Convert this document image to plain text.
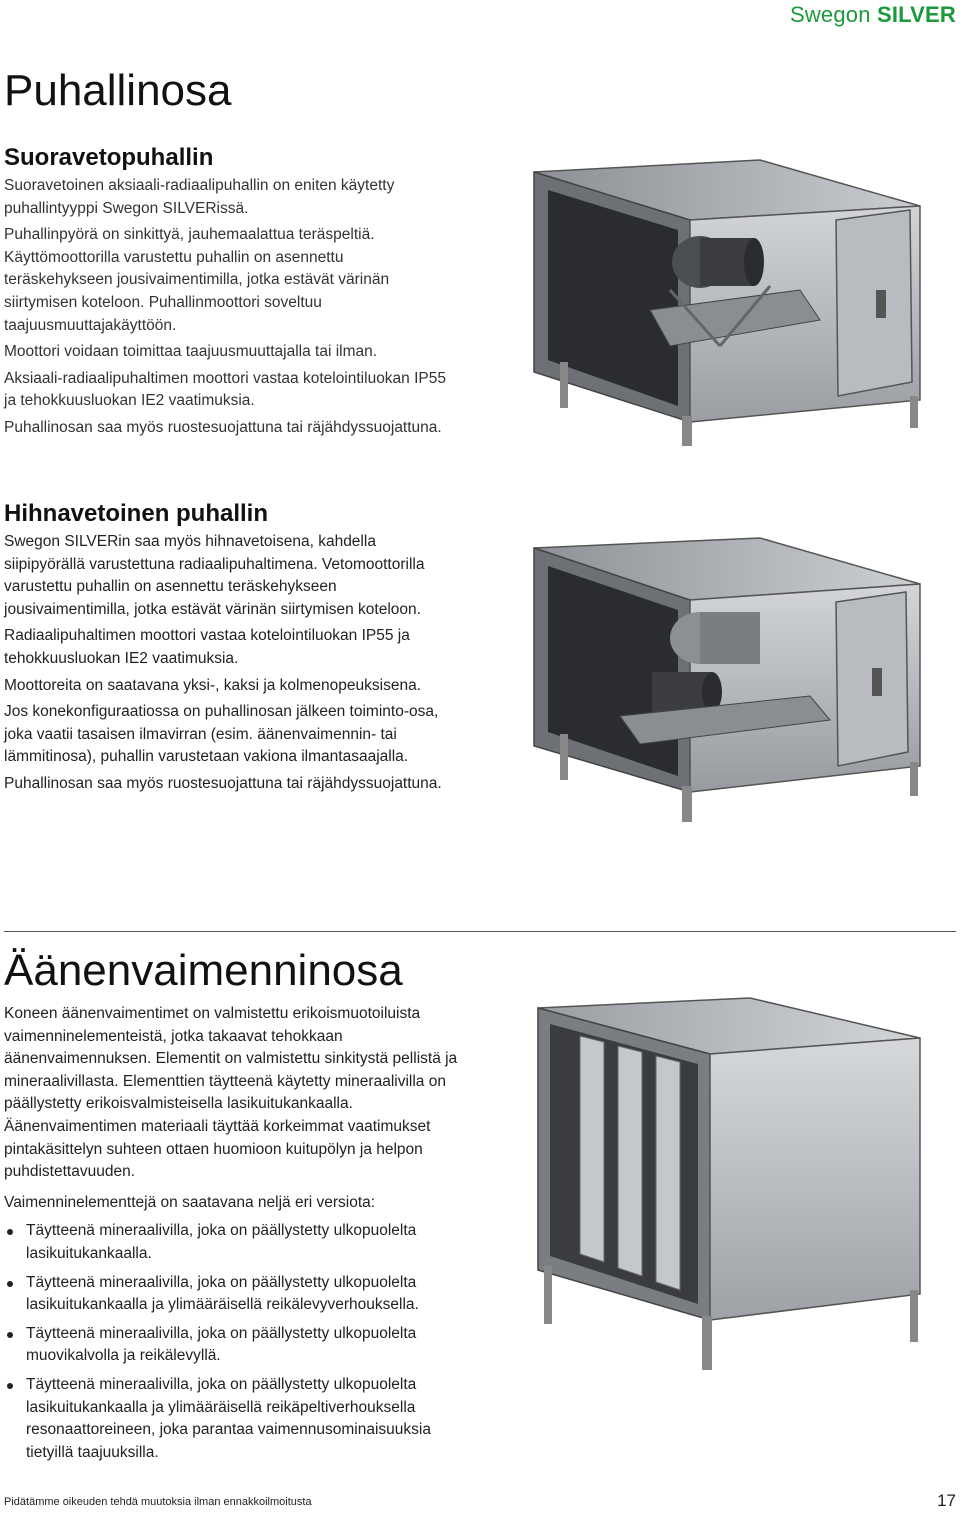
Swegon SILVER
Puhallinosa
Suoravetopuhallin

Suoravetoinen aksiaali-radiaalipuhallin on eniten käytetty puhallintyyppi Swegon SILVERissä.

Puhallinpyörä on sinkittyä, jauhemaalattua teräspeltiä. Käyttömoottorilla varustettu puhallin on asennettu teräskehykseen jousivaimentimilla, jotka estävät värinän siirtymisen koteloon. Puhallinmoottori soveltuu taajuusmuuttajakäyttöön.

Moottori voidaan toimittaa taajuusmuuttajalla tai ilman.

Aksiaali-radiaalipuhaltimen moottori vastaa kotelointiluokan IP55 ja tehokkuusluokan IE2 vaatimuksia.

Puhallinosan saa myös ruostesuojattuna tai räjähdyssuojattuna.

Hihnavetoinen puhallin

Swegon SILVERin saa myös hihnavetoisena, kahdella siipipyörällä varustettuna radiaalipuhaltimena. Vetomoottorilla varustettu puhallin on asennettu teräskehykseen jousivaimentimilla, jotka estävät värinän siirtymisen koteloon.

Radiaalipuhaltimen moottori vastaa kotelointiluokan IP55 ja tehokkuusluokan IE2 vaatimuksia.

Moottoreita on saatavana yksi-, kaksi ja kolmenopeuksisena.

Jos konekonfiguraatiossa on puhallinosan jälkeen toiminto-osa, joka vaatii tasaisen ilmavirran (esim. äänenvaimennin- tai lämmitinosa), puhallin varustetaan vakiona ilmantasaajalla.

Puhallinosan saa myös ruostesuojattuna tai räjähdyssuojattuna.

Äänenvaimenninosa

Koneen äänenvaimentimet on valmistettu erikoismuotoiluista vaimenninelementeistä, jotka takaavat tehokkaan äänenvaimennuksen. Elementit on valmistettu sinkitystä pellistä ja mineraalivillasta. Elementtien täytteenä käytetty mineraalivilla on päällystetty erikoisvalmisteisella lasikuitukankaalla. Äänenvaimentimen materiaali täyttää korkeimmat vaatimukset pintakäsittelyn suhteen ottaen huomioon kuitupölyn ja helpon puhdistettavuuden.

Vaimenninelementtejä on saatavana neljä eri versiota:

Täytteenä mineraalivilla, joka on päällystetty ulkopuolelta lasikuitukankaalla.
Täytteenä mineraalivilla, joka on päällystetty ulkopuolelta lasikuitukankaalla ja ylimääräisellä reikälevyverhouksella.
Täytteenä mineraalivilla, joka on päällystetty ulkopuolelta muovikalvolla ja reikälevyllä.
Täytteenä mineraalivilla, joka on päällystetty ulkopuolelta lasikuitukankaalla ja ylimääräisellä reikäpeltiverhouksella resonaattoreineen, joka parantaa vaimennusominaisuuksia tietyillä taajuuksilla.
Pidätämme oikeuden tehdä muutoksia ilman ennakkoilmoitusta	17
